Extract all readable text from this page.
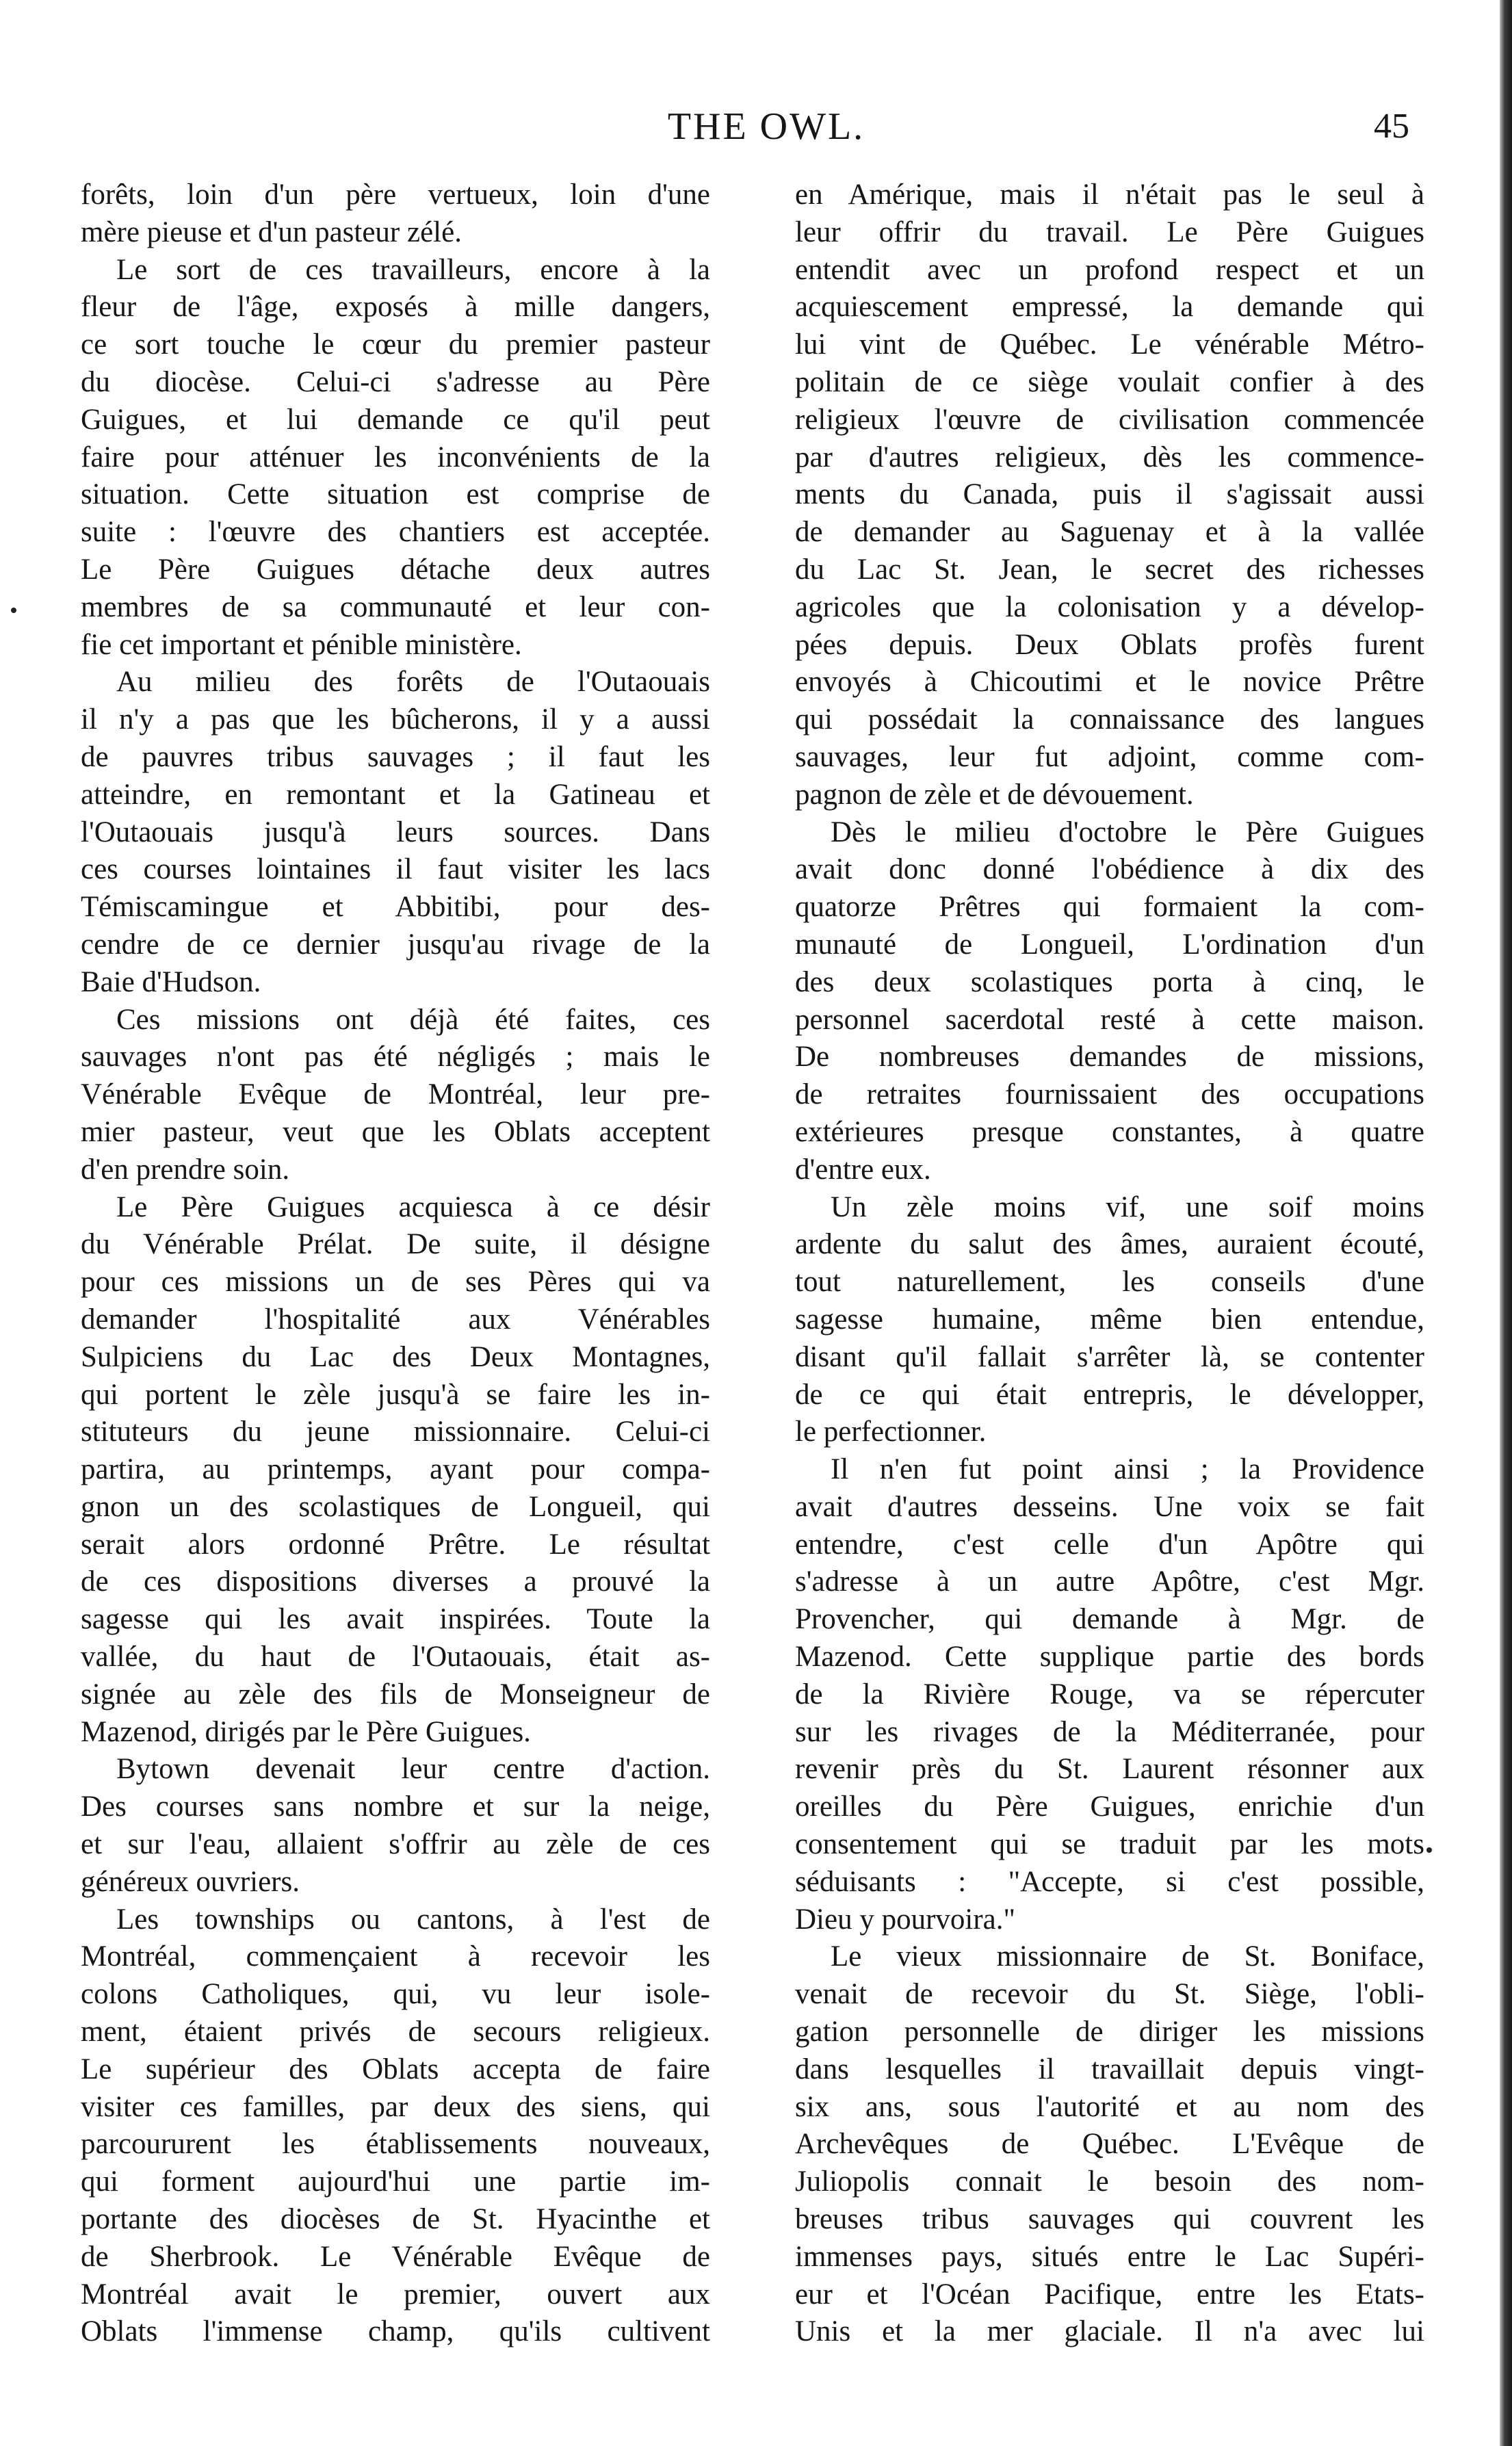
THE OWL.	45
forêts, loin d'un père vertueux, loin d'une
mère pieuse et d'un pasteur zélé.
Le sort de ces travailleurs, encore à la
fleur de l'âge, exposés à mille dangers,
ce sort touche le cœur du premier pasteur
du diocèse. Celui-ci s'adresse au Père
Guigues, et lui demande ce qu'il peut
faire pour atténuer les inconvénients de la
situation. Cette situation est comprise de
suite : l'œuvre des chantiers est acceptée.
Le Père Guigues détache deux autres
membres de sa communauté et leur con-
fie cet important et pénible ministère.
Au milieu des forêts de l'Outaouais
il n'y a pas que les bûcherons, il y a aussi
de pauvres tribus sauvages ; il faut les
atteindre, en remontant et la Gatineau et
l'Outaouais jusqu'à leurs sources. Dans
ces courses lointaines il faut visiter les lacs
Témiscamingue et Abbitibi, pour des-
cendre de ce dernier jusqu'au rivage de la
Baie d'Hudson.
Ces missions ont déjà été faites, ces
sauvages n'ont pas été négligés ; mais le
Vénérable Evêque de Montréal, leur pre-
mier pasteur, veut que les Oblats acceptent
d'en prendre soin.
Le Père Guigues acquiesca à ce désir
du Vénérable Prélat. De suite, il désigne
pour ces missions un de ses Pères qui va
demander l'hospitalité aux Vénérables
Sulpiciens du Lac des Deux Montagnes,
qui portent le zèle jusqu'à se faire les in-
stituteurs du jeune missionnaire. Celui-ci
partira, au printemps, ayant pour compa-
gnon un des scolastiques de Longueil, qui
serait alors ordonné Prêtre. Le résultat
de ces dispositions diverses a prouvé la
sagesse qui les avait inspirées. Toute la
vallée, du haut de l'Outaouais, était as-
signée au zèle des fils de Monseigneur de
Mazenod, dirigés par le Père Guigues.
Bytown devenait leur centre d'action.
Des courses sans nombre et sur la neige,
et sur l'eau, allaient s'offrir au zèle de ces
généreux ouvriers.
Les townships ou cantons, à l'est de
Montréal, commençaient à recevoir les
colons Catholiques, qui, vu leur isole-
ment, étaient privés de secours religieux.
Le supérieur des Oblats accepta de faire
visiter ces familles, par deux des siens, qui
parcoururent les établissements nouveaux,
qui forment aujourd'hui une partie im-
portante des diocèses de St. Hyacinthe et
de Sherbrook. Le Vénérable Evêque de
Montréal avait le premier, ouvert aux
Oblats l'immense champ, qu'ils cultivent
en Amérique, mais il n'était pas le seul à
leur offrir du travail. Le Père Guigues
entendit avec un profond respect et un
acquiescement empressé, la demande qui
lui vint de Québec. Le vénérable Métro-
politain de ce siège voulait confier à des
religieux l'œuvre de civilisation commencée
par d'autres religieux, dès les commence-
ments du Canada, puis il s'agissait aussi
de demander au Saguenay et à la vallée
du Lac St. Jean, le secret des richesses
agricoles que la colonisation y a dévelop-
pées depuis. Deux Oblats profès furent
envoyés à Chicoutimi et le novice Prêtre
qui possédait la connaissance des langues
sauvages, leur fut adjoint, comme com-
pagnon de zèle et de dévouement.
Dès le milieu d'octobre le Père Guigues
avait donc donné l'obédience à dix des
quatorze Prêtres qui formaient la com-
munauté de Longueil, L'ordination d'un
des deux scolastiques porta à cinq, le
personnel sacerdotal resté à cette maison.
De nombreuses demandes de missions,
de retraites fournissaient des occupations
extérieures presque constantes, à quatre
d'entre eux.
Un zèle moins vif, une soif moins
ardente du salut des âmes, auraient écouté,
tout naturellement, les conseils d'une
sagesse humaine, même bien entendue,
disant qu'il fallait s'arrêter là, se contenter
de ce qui était entrepris, le développer,
le perfectionner.
Il n'en fut point ainsi ; la Providence
avait d'autres desseins. Une voix se fait
entendre, c'est celle d'un Apôtre qui
s'adresse à un autre Apôtre, c'est Mgr.
Provencher, qui demande à Mgr. de
Mazenod. Cette supplique partie des bords
de la Rivière Rouge, va se répercuter
sur les rivages de la Méditerranée, pour
revenir près du St. Laurent résonner aux
oreilles du Père Guigues, enrichie d'un
consentement qui se traduit par les mots
séduisants : "Accepte, si c'est possible,
Dieu y pourvoira."
Le vieux missionnaire de St. Boniface,
venait de recevoir du St. Siège, l'obli-
gation personnelle de diriger les missions
dans lesquelles il travaillait depuis vingt-
six ans, sous l'autorité et au nom des
Archevêques de Québec. L'Evêque de
Juliopolis connait le besoin des nom-
breuses tribus sauvages qui couvrent les
immenses pays, situés entre le Lac Supéri-
eur et l'Océan Pacifique, entre les Etats-
Unis et la mer glaciale. Il n'a avec lui
